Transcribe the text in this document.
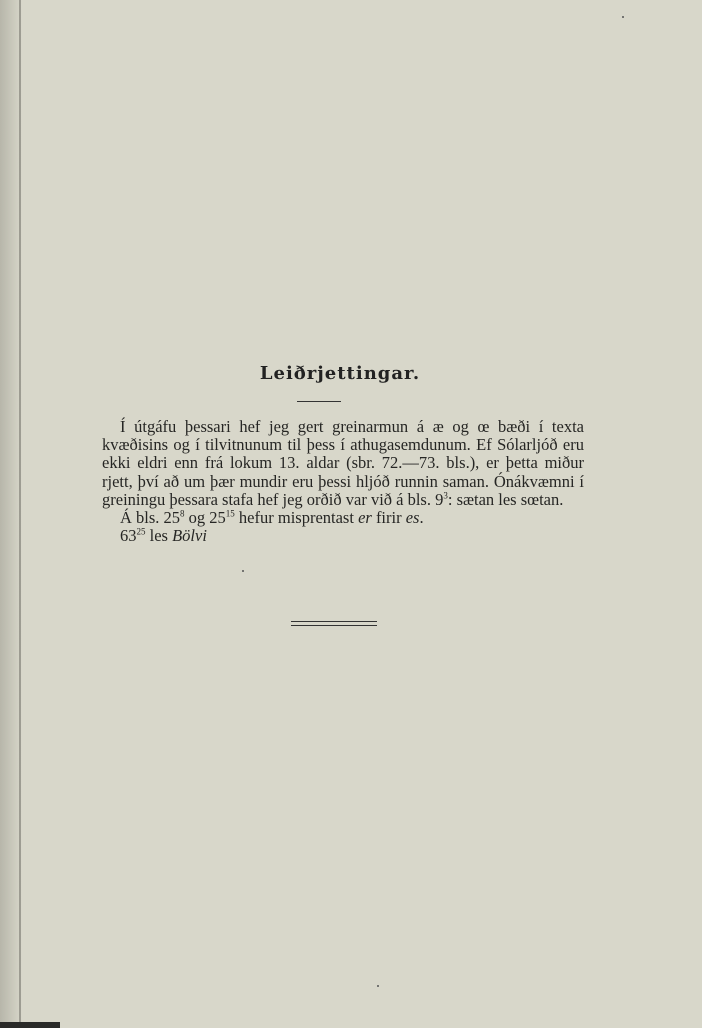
Leiðrjettingar.

Í útgáfu þessari hef jeg gert greinarmun á æ og œ bæði í texta kvæðisins og í tilvitnunum til þess í athugasemdunum. Ef Sólarljóð eru ekki eldri enn frá lokum 13. aldar (sbr. 72.—73. bls.), er þetta miður rjett, því að um þær mundir eru þessi hljóð runnin saman. Ónákvæmni í greiningu þessara stafa hef jeg orðið var við á bls. $9^3$: sætan les sœtan.

Á bls. $25^8$ og $25^{15}$ hefur misprentast er firir es.

$63^{25}$ les Bölvi
